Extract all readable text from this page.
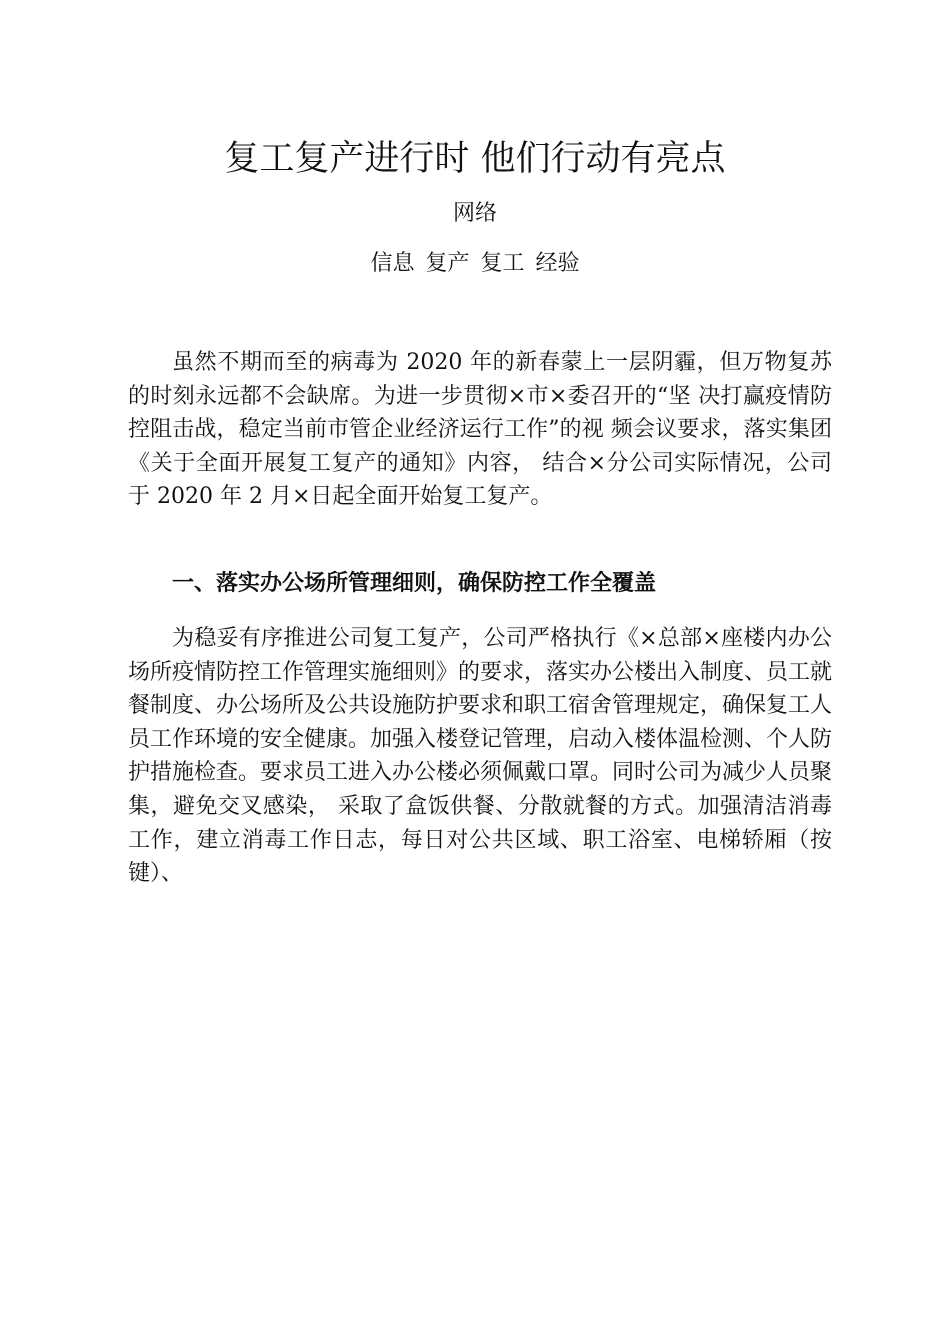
复工复产进行时 他们行动有亮点
网络
信息 复产 复工 经验

虽然不期而至的病毒为 2020 年的新春蒙上一层阴霾，但万物复苏的时刻永远都不会缺席。为进一步贯彻×市×委召开的“坚 决打赢疫情防控阻击战，稳定当前市管企业经济运行工作”的视 频会议要求，落实集团《关于全面开展复工复产的通知》内容， 结合×分公司实际情况，公司于 2020 年 2 月×日起全面开始复工复产。

一、落实办公场所管理细则，确保防控工作全覆盖

为稳妥有序推进公司复工复产，公司严格执行《×总部×座楼内办公场所疫情防控工作管理实施细则》的要求，落实办公楼出入制度、员工就餐制度、办公场所及公共设施防护要求和职工宿舍管理规定，确保复工人员工作环境的安全健康。加强入楼登记管理，启动入楼体温检测、个人防护措施检查。要求员工进入办公楼必须佩戴口罩。同时公司为减少人员聚集，避免交叉感染， 采取了盒饭供餐、分散就餐的方式。加强清洁消毒工作，建立消毒工作日志，每日对公共区域、职工浴室、电梯轿厢（按键）、
